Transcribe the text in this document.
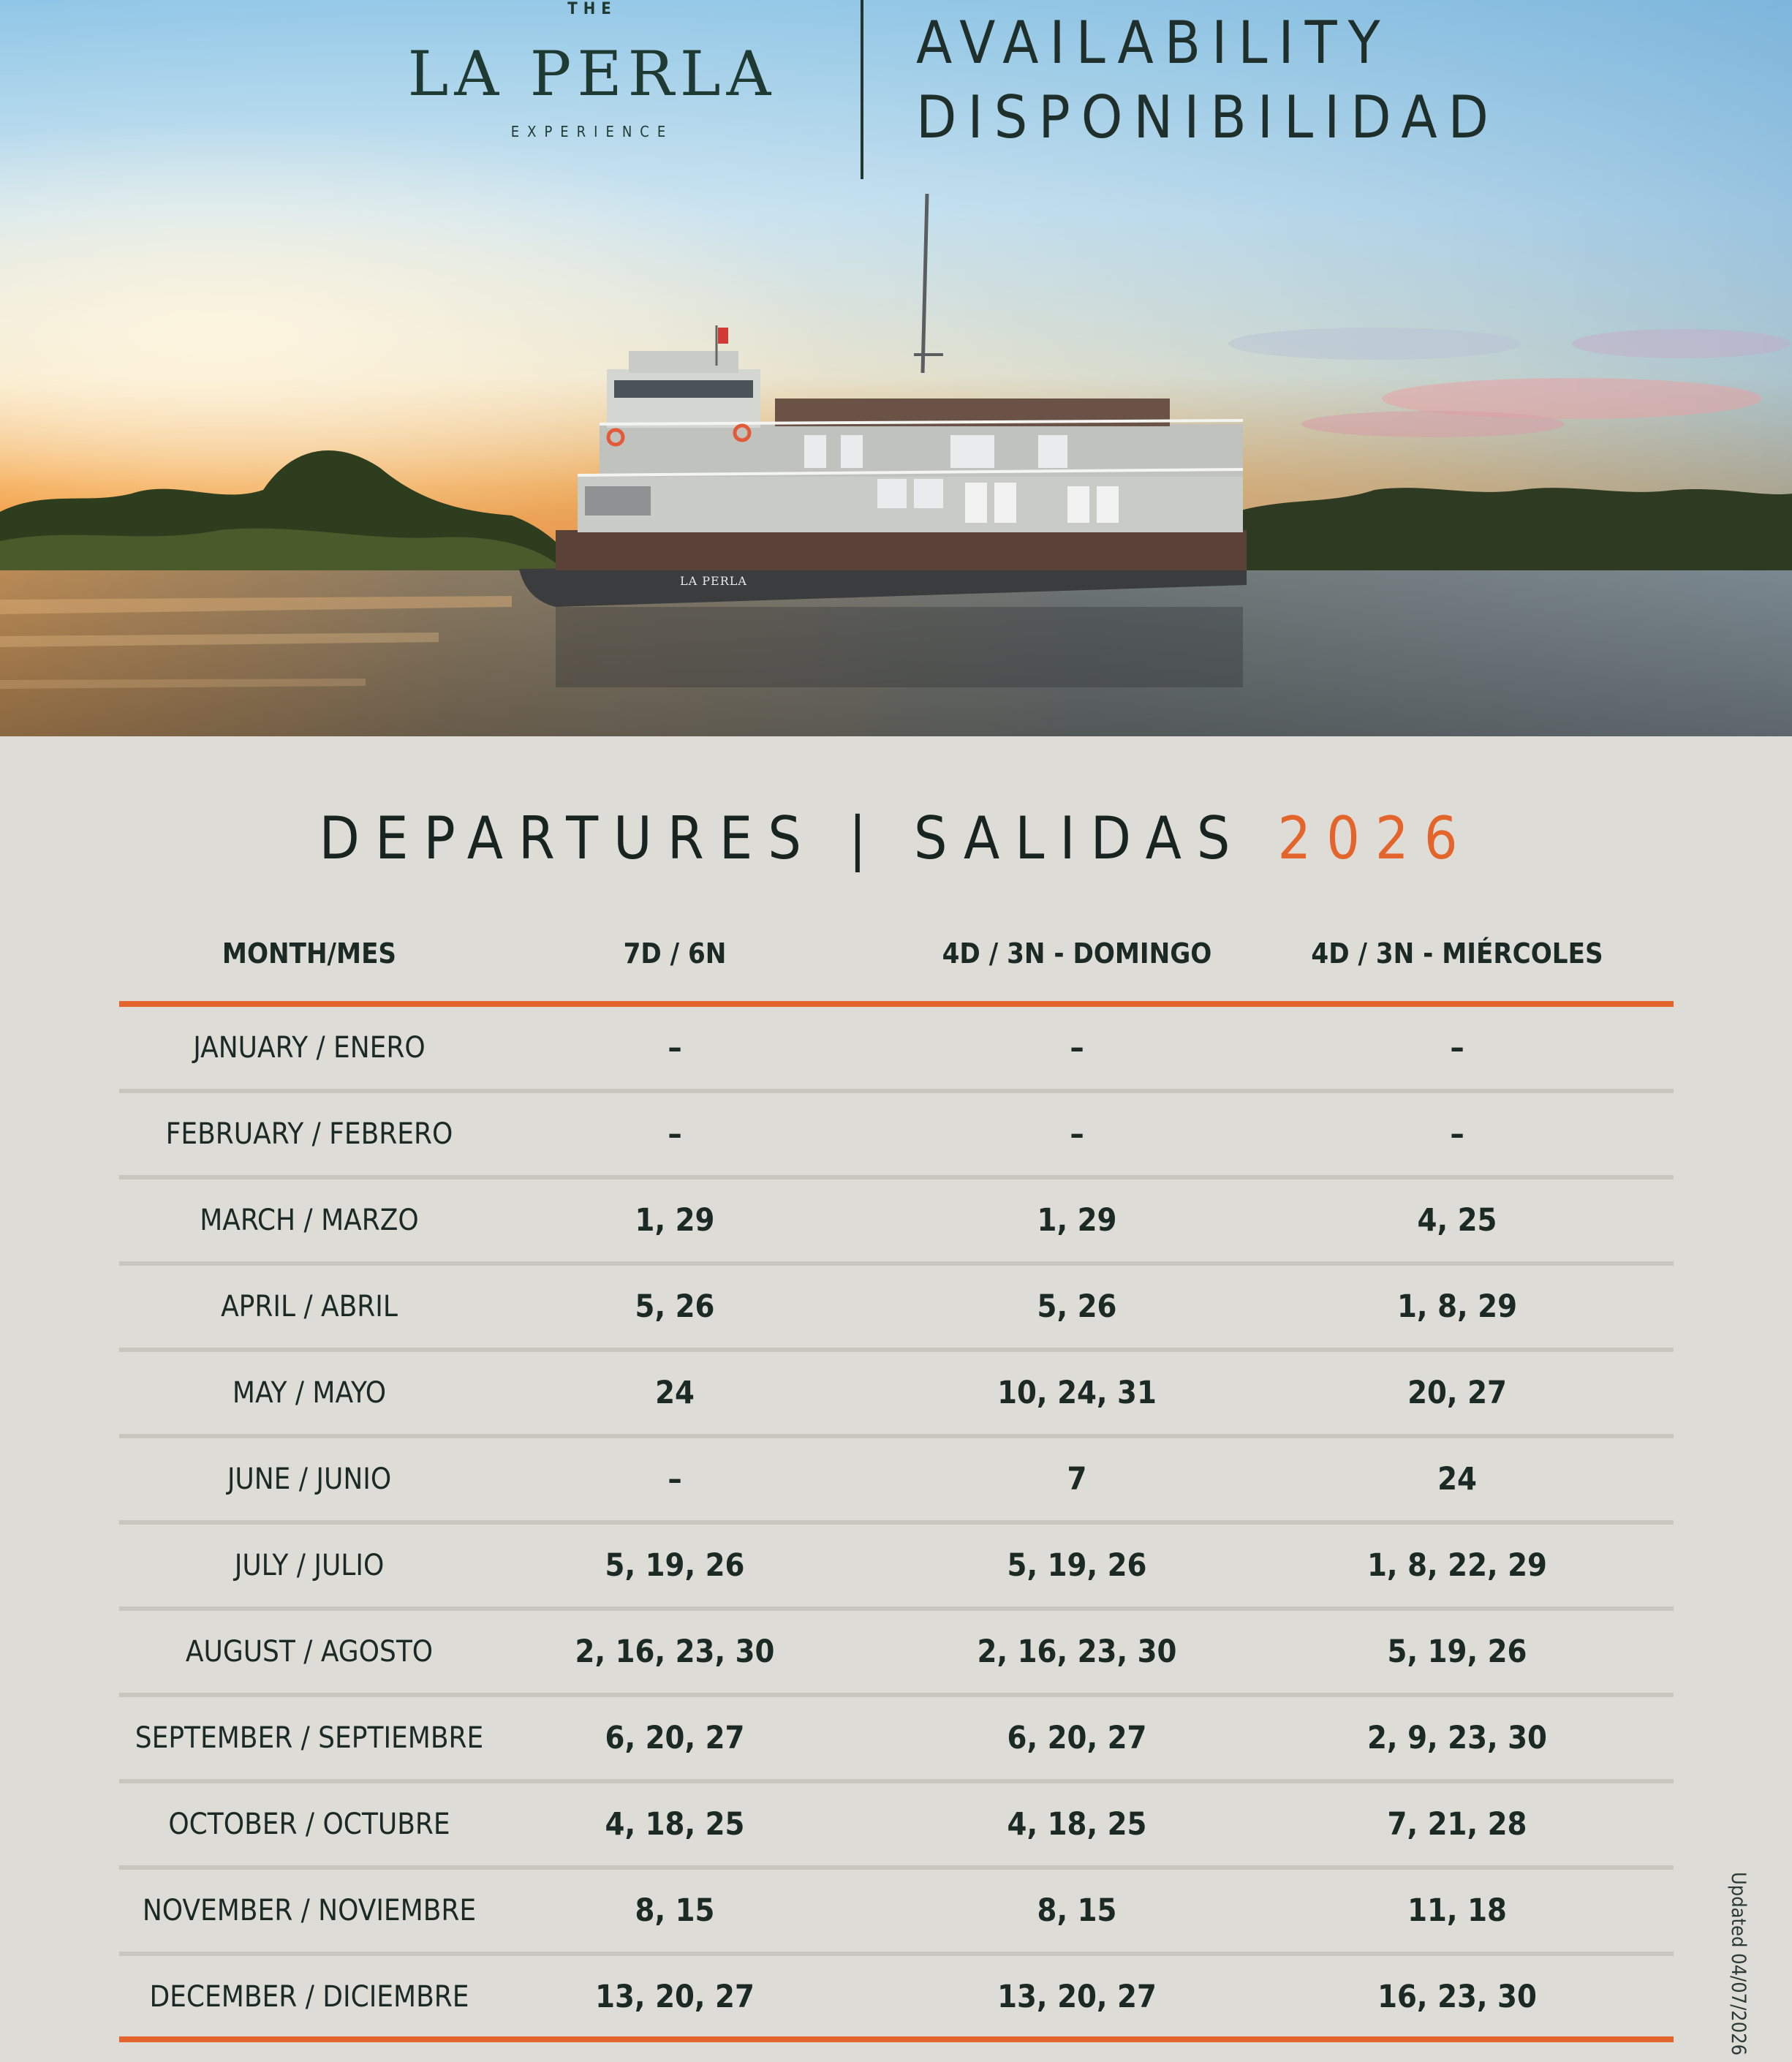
LA PERLA
THE
LA PERLA
EXPERIENCE
AVAILABILITY
DISPONIBILIDAD
DEPARTURES | SALIDAS 2026
MONTH/MES	7D / 6N	4D / 3N - DOMINGO	4D / 3N - MIÉRCOLES
JANUARY / ENERO	–	–	–
FEBRUARY / FEBRERO	–	–	–
MARCH / MARZO	1, 29	1, 29	4, 25
APRIL / ABRIL	5, 26	5, 26	1, 8, 29
MAY / MAYO	24	10, 24, 31	20, 27
JUNE / JUNIO	–	7	24
JULY / JULIO	5, 19, 26	5, 19, 26	1, 8, 22, 29
AUGUST / AGOSTO	2, 16, 23, 30	2, 16, 23, 30	5, 19, 26
SEPTEMBER / SEPTIEMBRE	6, 20, 27	6, 20, 27	2, 9, 23, 30
OCTOBER / OCTUBRE	4, 18, 25	4, 18, 25	7, 21, 28
NOVEMBER / NOVIEMBRE	8, 15	8, 15	11, 18
DECEMBER / DICIEMBRE	13, 20, 27	13, 20, 27	16, 23, 30	Updated 04/07/2026
